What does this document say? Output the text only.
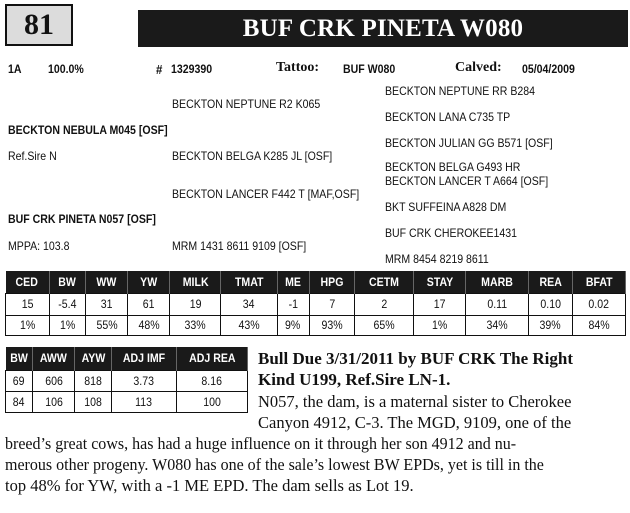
81	BUF CRK PINETA W080
1A 100.0%	# 1329390	Tattoo: BUF W080	Calved: 05/04/2009
BECKTON NEPTUNE RR B284
BECKTON NEPTUNE R2 K065
BECKTON LANA C735 TP
BECKTON NEBULA M045 [OSF]
BECKTON JULIAN GG B571 [OSF]
Ref.Sire N	BECKTON BELGA K285 JL [OSF]
BECKTON BELGA G493 HR
BECKTON LANCER T A664 [OSF]
BECKTON LANCER F442 T [MAF,OSF]
BKT SUFFEINA A828 DM
BUF CRK PINETA N057 [OSF]
BUF CRK CHEROKEE1431
MPPA: 103.8	MRM 1431 8611 9109 [OSF]
MRM 8454 8219 8611
CED	BW	WW	YW	MILK	TMAT	ME	HPG	CETM	STAY	MARB	REA	BFAT
15	-5.4	31	61	19	34	-1	7	2	17	0.11	0.10	0.02
1%	1%	55%	48%	33%	43%	9%	93%	65%	1%	34%	39%	84%
BW	AWW	AYW	ADJ IMF	ADJ REA
69	606	818	3.73	8.16
84	106	108	113	100
Bull Due 3/31/2011 by BUF CRK The Right
Kind U199, Ref.Sire LN-1.
N057, the dam, is a maternal sister to Cherokee
Canyon 4912, C-3. The MGD, 9109, one of the
breed’s great cows, has had a huge influence on it through her son 4912 and nu-
merous other progeny. W080 has one of the sale’s lowest BW EPDs, yet is till in the
top 48% for YW, with a -1 ME EPD. The dam sells as Lot 19.
